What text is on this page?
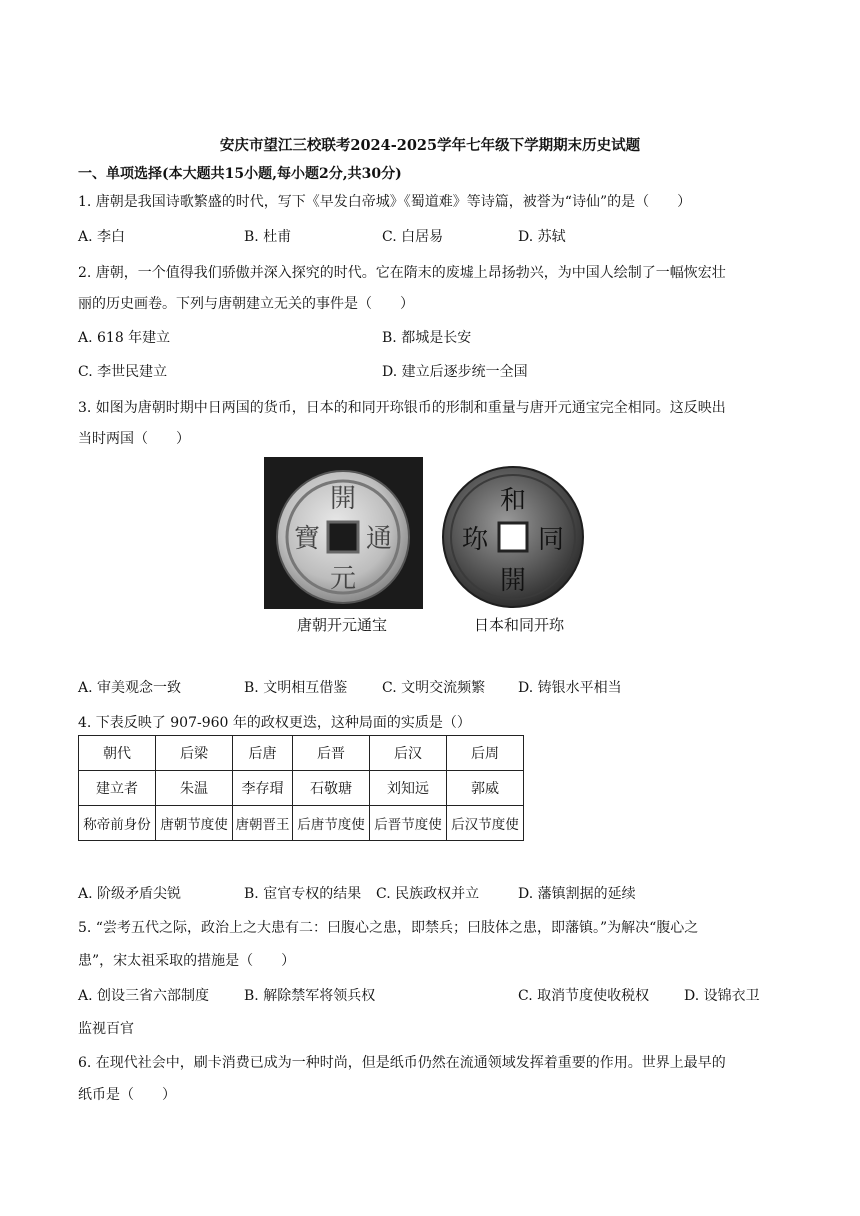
安庆市望江三校联考2024-2025学年七年级下学期期末历史试题
一、单项选择(本大题共15小题,每小题2分,共30分)
1. 唐朝是我国诗歌繁盛的时代，写下《早发白帝城》《蜀道难》等诗篇，被誉为“诗仙”的是（　　）
A. 李白	B. 杜甫	C. 白居易	D. 苏轼
2. 唐朝，一个值得我们骄傲并深入探究的时代。它在隋末的废墟上昂扬勃兴，为中国人绘制了一幅恢宏壮
丽的历史画卷。下列与唐朝建立无关的事件是（　　）
A. 618 年建立	B. 都城是长安
C. 李世民建立	D. 建立后逐步统一全国
3. 如图为唐朝时期中日两国的货币，日本的和同开珎银币的形制和重量与唐开元通宝完全相同。这反映出
当时两国（　　）
開
通
元
寶
和
同
開
珎
唐朝开元通宝	日本和同开珎
A. 审美观念一致	B. 文明相互借鉴 C. 文明交流频繁 D. 铸银水平相当
4. 下表反映了 907-960 年的政权更迭，这种局面的实质是（）
朝代	后梁	后唐	后晋	后汉	后周
建立者	朱温	李存瑁	石敬瑭	刘知远	郭威
称帝前身份	唐朝节度使	唐朝晋王	后唐节度使	后晋节度使	后汉节度使
A. 阶级矛盾尖锐	B. 宦官专权的结果 C. 民族政权并立	D. 藩镇割据的延续
5. “尝考五代之际，政治上之大患有二：曰腹心之患，即禁兵；曰肢体之患，即藩镇。”为解决“腹心之
患”，宋太祖采取的措施是（　　）
A. 创设三省六部制度 B. 解除禁军将领兵权	C. 取消节度使收税权 D. 设锦衣卫
监视百官
6. 在现代社会中，刷卡消费已成为一种时尚，但是纸币仍然在流通领域发挥着重要的作用。世界上最早的
纸币是（　　）
